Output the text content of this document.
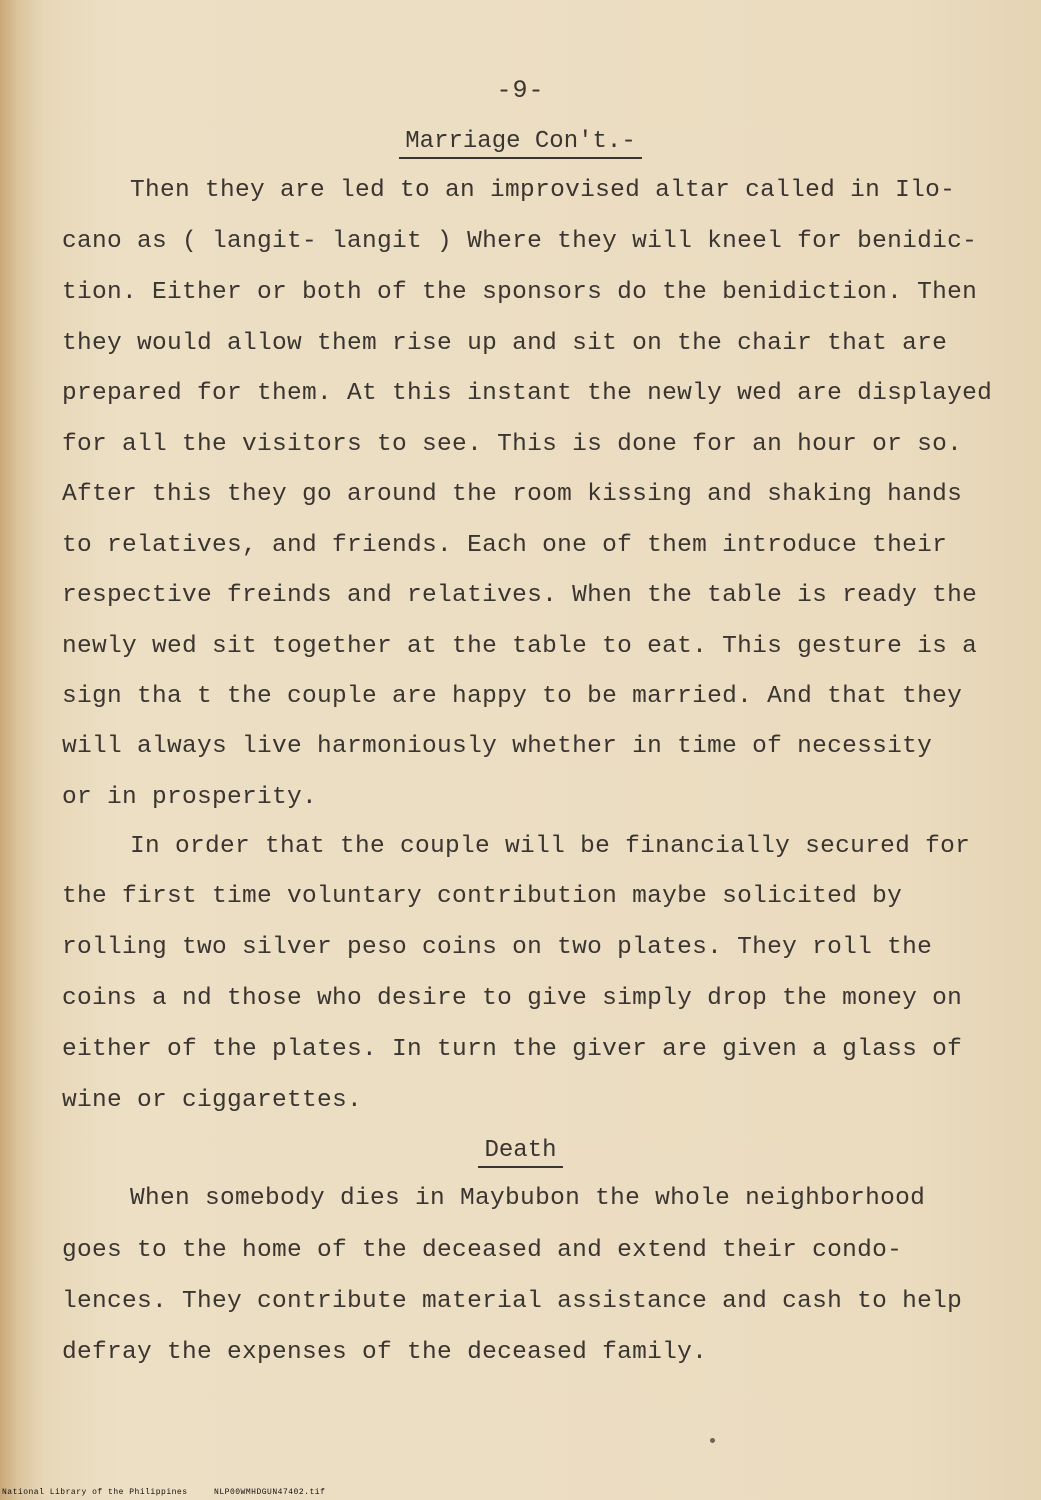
-9-
Marriage Con't.-
Then they are led to an improvised altar called in Ilo-
cano as ( langit- langit ) Where they will kneel for benidic-
tion. Either or both of the sponsors do the benidiction. Then
they would allow them rise up and sit on the chair that are
prepared for them. At this instant the newly wed are displayed
for all the visitors to see. This is done for an hour or so.
After this they go around the room kissing and shaking hands
to relatives, and friends. Each one of them introduce their
respective freinds and relatives. When the table is ready the
newly wed sit together at the table to eat. This gesture is a
sign tha t the couple are happy to be married. And that they
will always live harmoniously whether in time of necessity
or in prosperity.
In order that the couple will be financially secured for
the first time voluntary contribution maybe solicited by
rolling two silver peso coins on two plates. They roll the
coins a nd those who desire to give simply drop the money on
either of the plates. In turn the giver are given a glass of
wine or ciggarettes.
Death
When somebody dies in Maybubon the whole neighborhood
goes to the home of the deceased and extend their condo-
lences. They contribute material assistance and cash to help
defray the expenses of the deceased family.
National Library of the Philippines	NLP00WMHDGUN47402.tif
